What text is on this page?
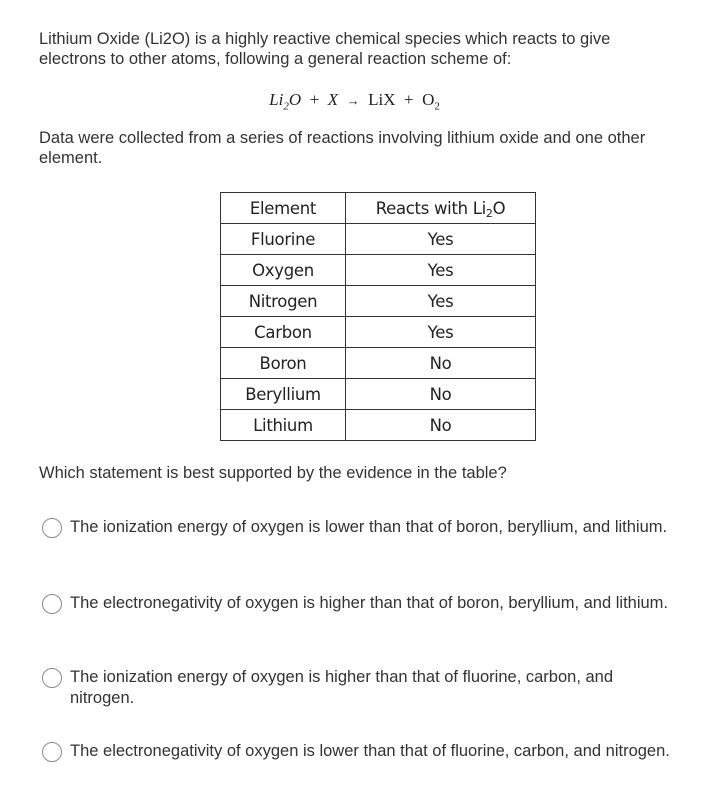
Lithium Oxide (Li2O) is a highly reactive chemical species which reacts to give electrons to other atoms, following a general reaction scheme of:
$Li_2O + X$ → LiX + $O_2$
Data were collected from a series of reactions involving lithium oxide and one other element.
Element	Reacts with $Li_2O$
Fluorine	Yes
Oxygen	Yes
Nitrogen	Yes
Carbon	Yes
Boron	No
Beryllium	No
Lithium	No
Which statement is best supported by the evidence in the table?
The ionization energy of oxygen is lower than that of boron, beryllium, and lithium.
The electronegativity of oxygen is higher than that of boron, beryllium, and lithium.
The ionization energy of oxygen is higher than that of fluorine, carbon, and nitrogen.
The electronegativity of oxygen is lower than that of fluorine, carbon, and nitrogen.
